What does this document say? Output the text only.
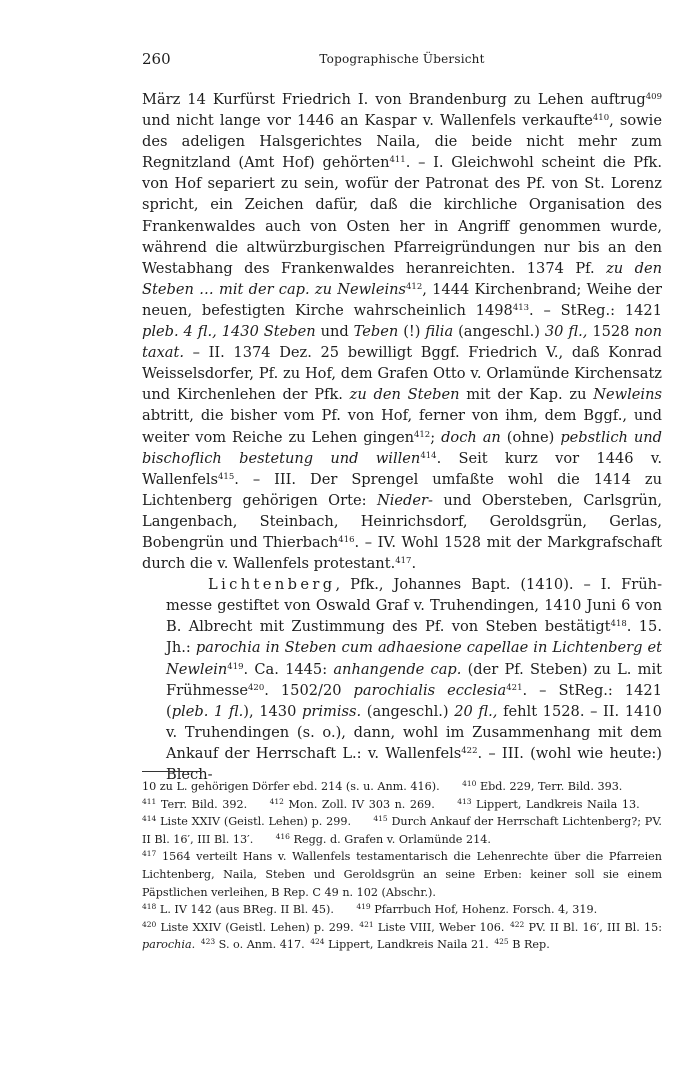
260	Topographische Übersicht

März 14 Kurfürst Friedrich I. von Brandenburg zu Lehen auftrug$^{409}$ und nicht lange vor 1446 an Kaspar v. Wallenfels verkaufte$^{410}$, sowie des adeligen Halsgerichtes Naila, die beide nicht mehr zum Regnitzland (Amt Hof) gehörten$^{411}$. – I. Gleichwohl scheint die Pfk. von Hof separiert zu sein, wofür der Patronat des Pf. von St. Lorenz spricht, ein Zeichen dafür, daß die kirchliche Organisation des Frankenwaldes auch von Osten her in Angriff genommen wurde, während die altwürzburgischen Pfarreigründungen nur bis an den Westabhang des Frankenwaldes heranreichten. 1374 Pf. zu den Steben … mit der cap. zu Newleins$^{412}$, 1444 Kirchenbrand; Weihe der neuen, befestigten Kirche wahrscheinlich 1498$^{413}$. – StReg.: 1421 pleb. 4 fl., 1430 Steben und Teben (!) filia (angeschl.) 30 fl., 1528 non taxat. – II. 1374 Dez. 25 bewilligt Bggf. Friedrich V., daß Konrad Weisselsdorfer, Pf. zu Hof, dem Grafen Otto v. Orlamünde Kirchensatz und Kirchenlehen der Pfk. zu den Steben mit der Kap. zu Newleins abtritt, die bisher vom Pf. von Hof, ferner von ihm, dem Bggf., und weiter vom Reiche zu Lehen gingen$^{412}$; doch an (ohne) pebstlich und bischoflich bestetung und willen$^{414}$. Seit kurz vor 1446 v. Wallenfels$^{415}$. – III. Der Sprengel umfaßte wohl die 1414 zu Lichtenberg gehörigen Orte: Nieder- und Obersteben, Carlsgrün, Langenbach, Steinbach, Heinrichsdorf, Geroldsgrün, Gerlas, Bobengrün und Thierbach$^{416}$. – IV. Wohl 1528 mit der Markgrafschaft durch die v. Wallenfels protestant.$^{417}$.

Lichtenberg, Pfk., Johannes Bapt. (1410). – I. Frühmesse gestiftet von Oswald Graf v. Truhendingen, 1410 Juni 6 von B. Albrecht mit Zustimmung des Pf. von Steben bestätigt$^{418}$. 15. Jh.: parochia in Steben cum adhaesione capellae in Lichtenberg et Newlein$^{419}$. Ca. 1445: anhangende cap. (der Pf. Steben) zu L. mit Frühmesse$^{420}$. 1502/20 parochialis ecclesia$^{421}$. – StReg.: 1421 (pleb. 1 fl.), 1430 primiss. (angeschl.) 20 fl., fehlt 1528. – II. 1410 v. Truhendingen (s. o.), dann, wohl im Zusammenhang mit dem Ankauf der Herrschaft L.: v. Wallenfels$^{422}$. – III. (wohl wie heute:) Blech-

10 zu L. gehörigen Dörfer ebd. 214 (s. u. Anm. 416).  	$^{410}$ Ebd. 229, Terr. Bild. 393.

$^{411}$ Terr. Bild. 392.  	$^{412}$ Mon. Zoll. IV 303 n. 269.  	$^{413}$ Lippert, Landkreis Naila 13.  $^{414}$ Liste XXIV (Geistl. Lehen) p. 299.  	$^{415}$ Durch Ankauf der Herrschaft Lichtenberg?; PV. II Bl. 16′, III Bl. 13′.  	$^{416}$ Regg. d. Grafen v. Orlamünde 214.

$^{417}$ 1564 verteilt Hans v. Wallenfels testamentarisch die Lehenrechte über die Pfarreien Lichtenberg, Naila, Steben und Geroldsgrün an seine Erben: keiner soll sie einem Päpstlichen verleihen, B Rep. C 49 n. 102 (Abschr.).

$^{418}$ L. IV 142 (aus BReg. II Bl. 45).  	$^{419}$ Pfarrbuch Hof, Hohenz. Forsch. 4, 319.

$^{420}$ Liste XXIV (Geistl. Lehen) p. 299.  $^{421}$ Liste VIII, Weber 106.  $^{422}$ PV. II Bl. 16′, III Bl. 15: parochia.  $^{423}$ S. o. Anm. 417.  $^{424}$ Lippert, Landkreis Naila 21.  $^{425}$ B Rep.
